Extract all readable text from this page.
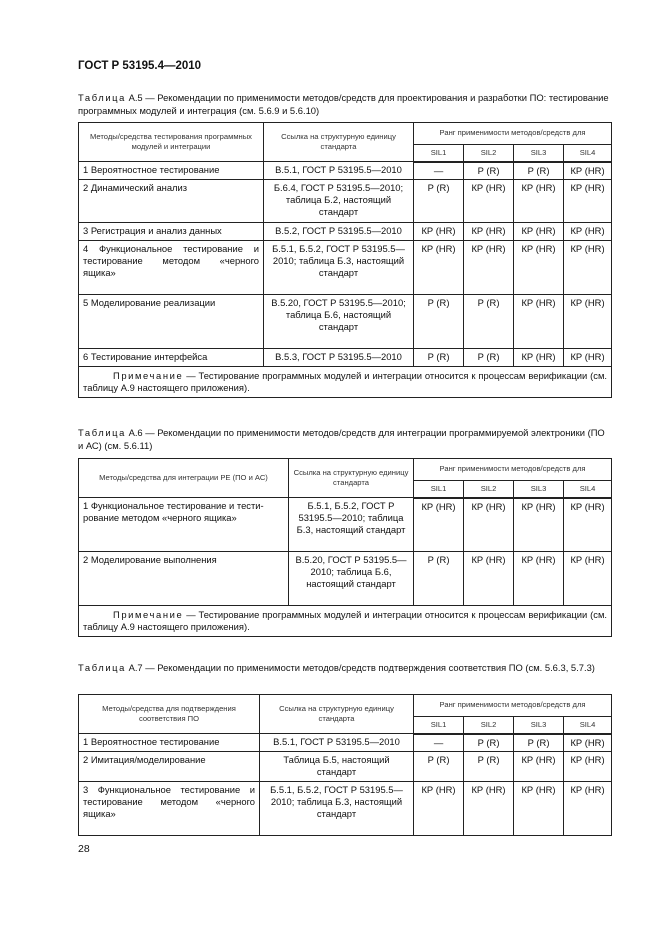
ГОСТ Р 53195.4—2010
Таблица А.5 — Рекомендации по применимости методов/средств для проектирования и разработки ПО: тестирование программных модулей и интеграция (см. 5.6.9 и 5.6.10)
Методы/средства тестирования программных модулей и интеграции	Ссылка на структурную единицу стандарта	Ранг применимости методов/средств для			
		SIL1	SIL2	SIL3	SIL4
1 Вероятностное тестирование	В.5.1, ГОСТ Р 53195.5—2010	—	Р (R)	Р (R)	КР (HR)
2 Динамический анализ	Б.6.4, ГОСТ Р 53195.5—2010; таблица Б.2, настоящий стандарт	Р (R)	КР (HR)	КР (HR)	КР (HR)
3 Регистрация и анализ данных	В.5.2, ГОСТ Р 53195.5—2010	КР (HR)	КР (HR)	КР (HR)	КР (HR)
4 Функциональное тестирование и тестирование методом «черного ящика»	Б.5.1, Б.5.2, ГОСТ Р 53195.5—2010; таблица Б.3, настоящий стандарт	КР (HR)	КР (HR)	КР (HR)	КР (HR)
5 Моделирование реализации	В.5.20, ГОСТ Р 53195.5—2010; таблица Б.6, настоящий стандарт	Р (R)	Р (R)	КР (HR)	КР (HR)
6 Тестирование интерфейса	В.5.3, ГОСТ Р 53195.5—2010	Р (R)	Р (R)	КР (HR)	КР (HR)
Примечание — Тестирование программных модулей и интеграции относится к процессам верификации (см. таблицу А.9 настоящего приложения).					
Таблица А.6 — Рекомендации по применимости методов/средств для интеграции программируемой электроники (ПО и АС) (см. 5.6.11)
Методы/средства для интеграции РЕ (ПО и АС)	Ссылка на структурную единицу стандарта	Ранг применимости методов/средств для			
		SIL1	SIL2	SIL3	SIL4
1 Функциональное тестирование и тестирование методом «черного ящика»	Б.5.1, Б.5.2, ГОСТ Р 53195.5—2010; таблица Б.3, настоящий стандарт	КР (HR)	КР (HR)	КР (HR)	КР (HR)
2 Моделирование выполнения	В.5.20, ГОСТ Р 53195.5—2010; таблица Б.6, настоящий стандарт	Р (R)	КР (HR)	КР (HR)	КР (HR)
Примечание — Тестирование программных модулей и интеграции относится к процессам верификации (см. таблицу А.9 настоящего приложения).					
Таблица А.7 — Рекомендации по применимости методов/средств подтверждения соответствия ПО (см. 5.6.3, 5.7.3)
Методы/средства для подтверждения соответствия ПО	Ссылка на структурную единицу стандарта	Ранг применимости методов/средств для			
		SIL1	SIL2	SIL3	SIL4
1 Вероятностное тестирование	В.5.1, ГОСТ Р 53195.5—2010	—	Р (R)	Р (R)	КР (HR)
2 Имитация/моделирование	Таблица Б.5, настоящий стандарт	Р (R)	Р (R)	КР (HR)	КР (HR)
3 Функциональное тестирование и тестирование методом «черного ящика»	Б.5.1, Б.5.2, ГОСТ Р 53195.5—2010; таблица Б.3, настоящий стандарт	КР (HR)	КР (HR)	КР (HR)	КР (HR)
28
